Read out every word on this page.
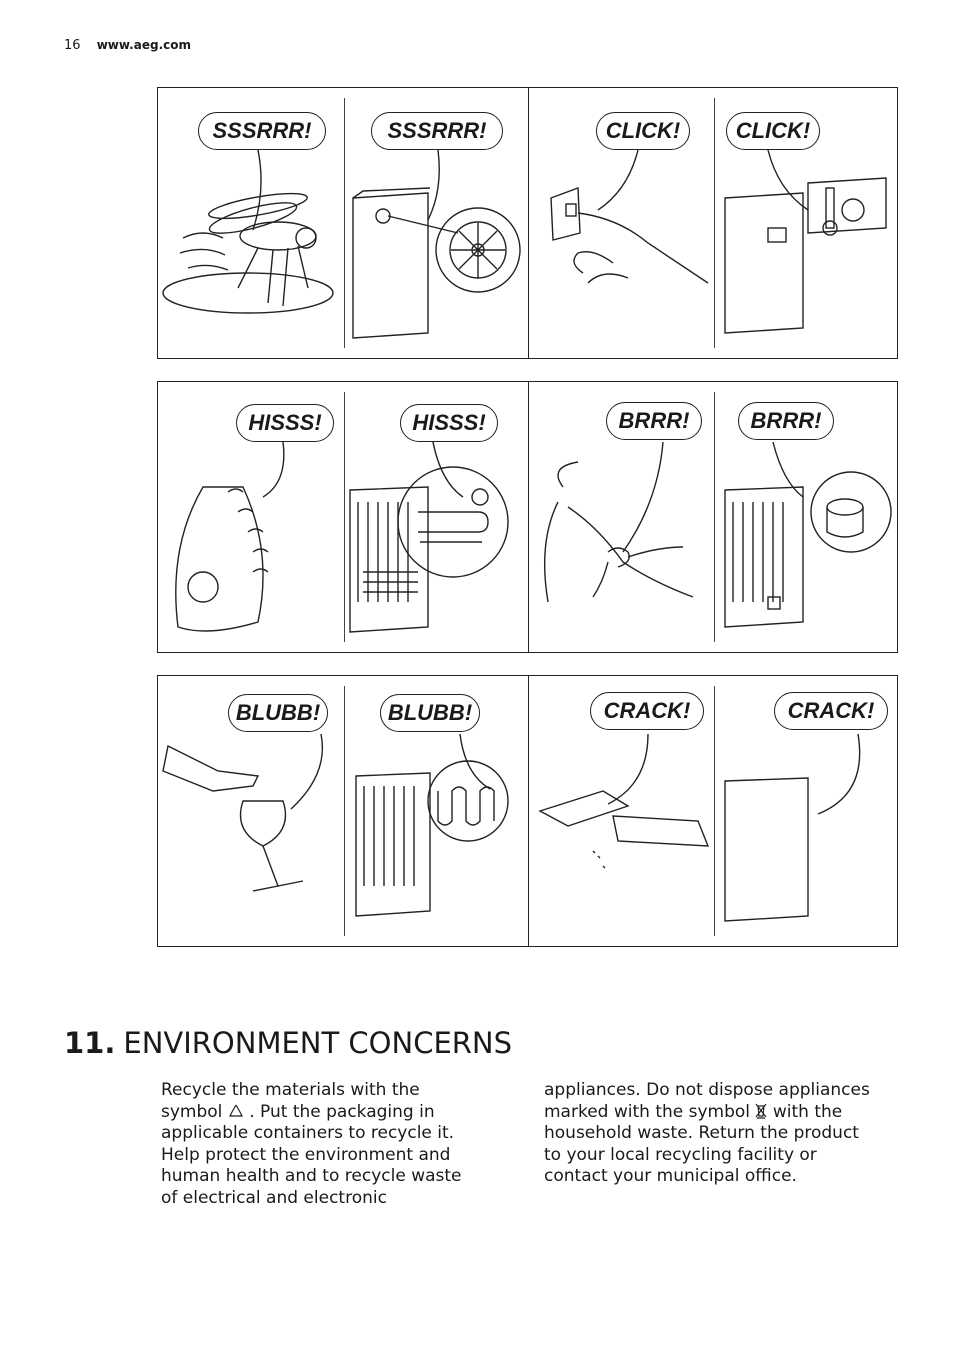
16 www.aeg.com
SSSRRR!	SSSRRR!	CLICK!	CLICK!
HISSS!	HISSS!	BRRR!	BRRR!
BLUBB!	BLUBB!	CRACK!	CRACK!
11. ENVIRONMENT CONCERNS

Recycle the materials with the symbol . Put the packaging in applicable containers to recycle it. Help protect the environment and human health and to recycle waste of electrical and electronic

appliances. Do not dispose appliances marked with the symbol with the household waste. Return the product to your local recycling facility or contact your municipal office.
